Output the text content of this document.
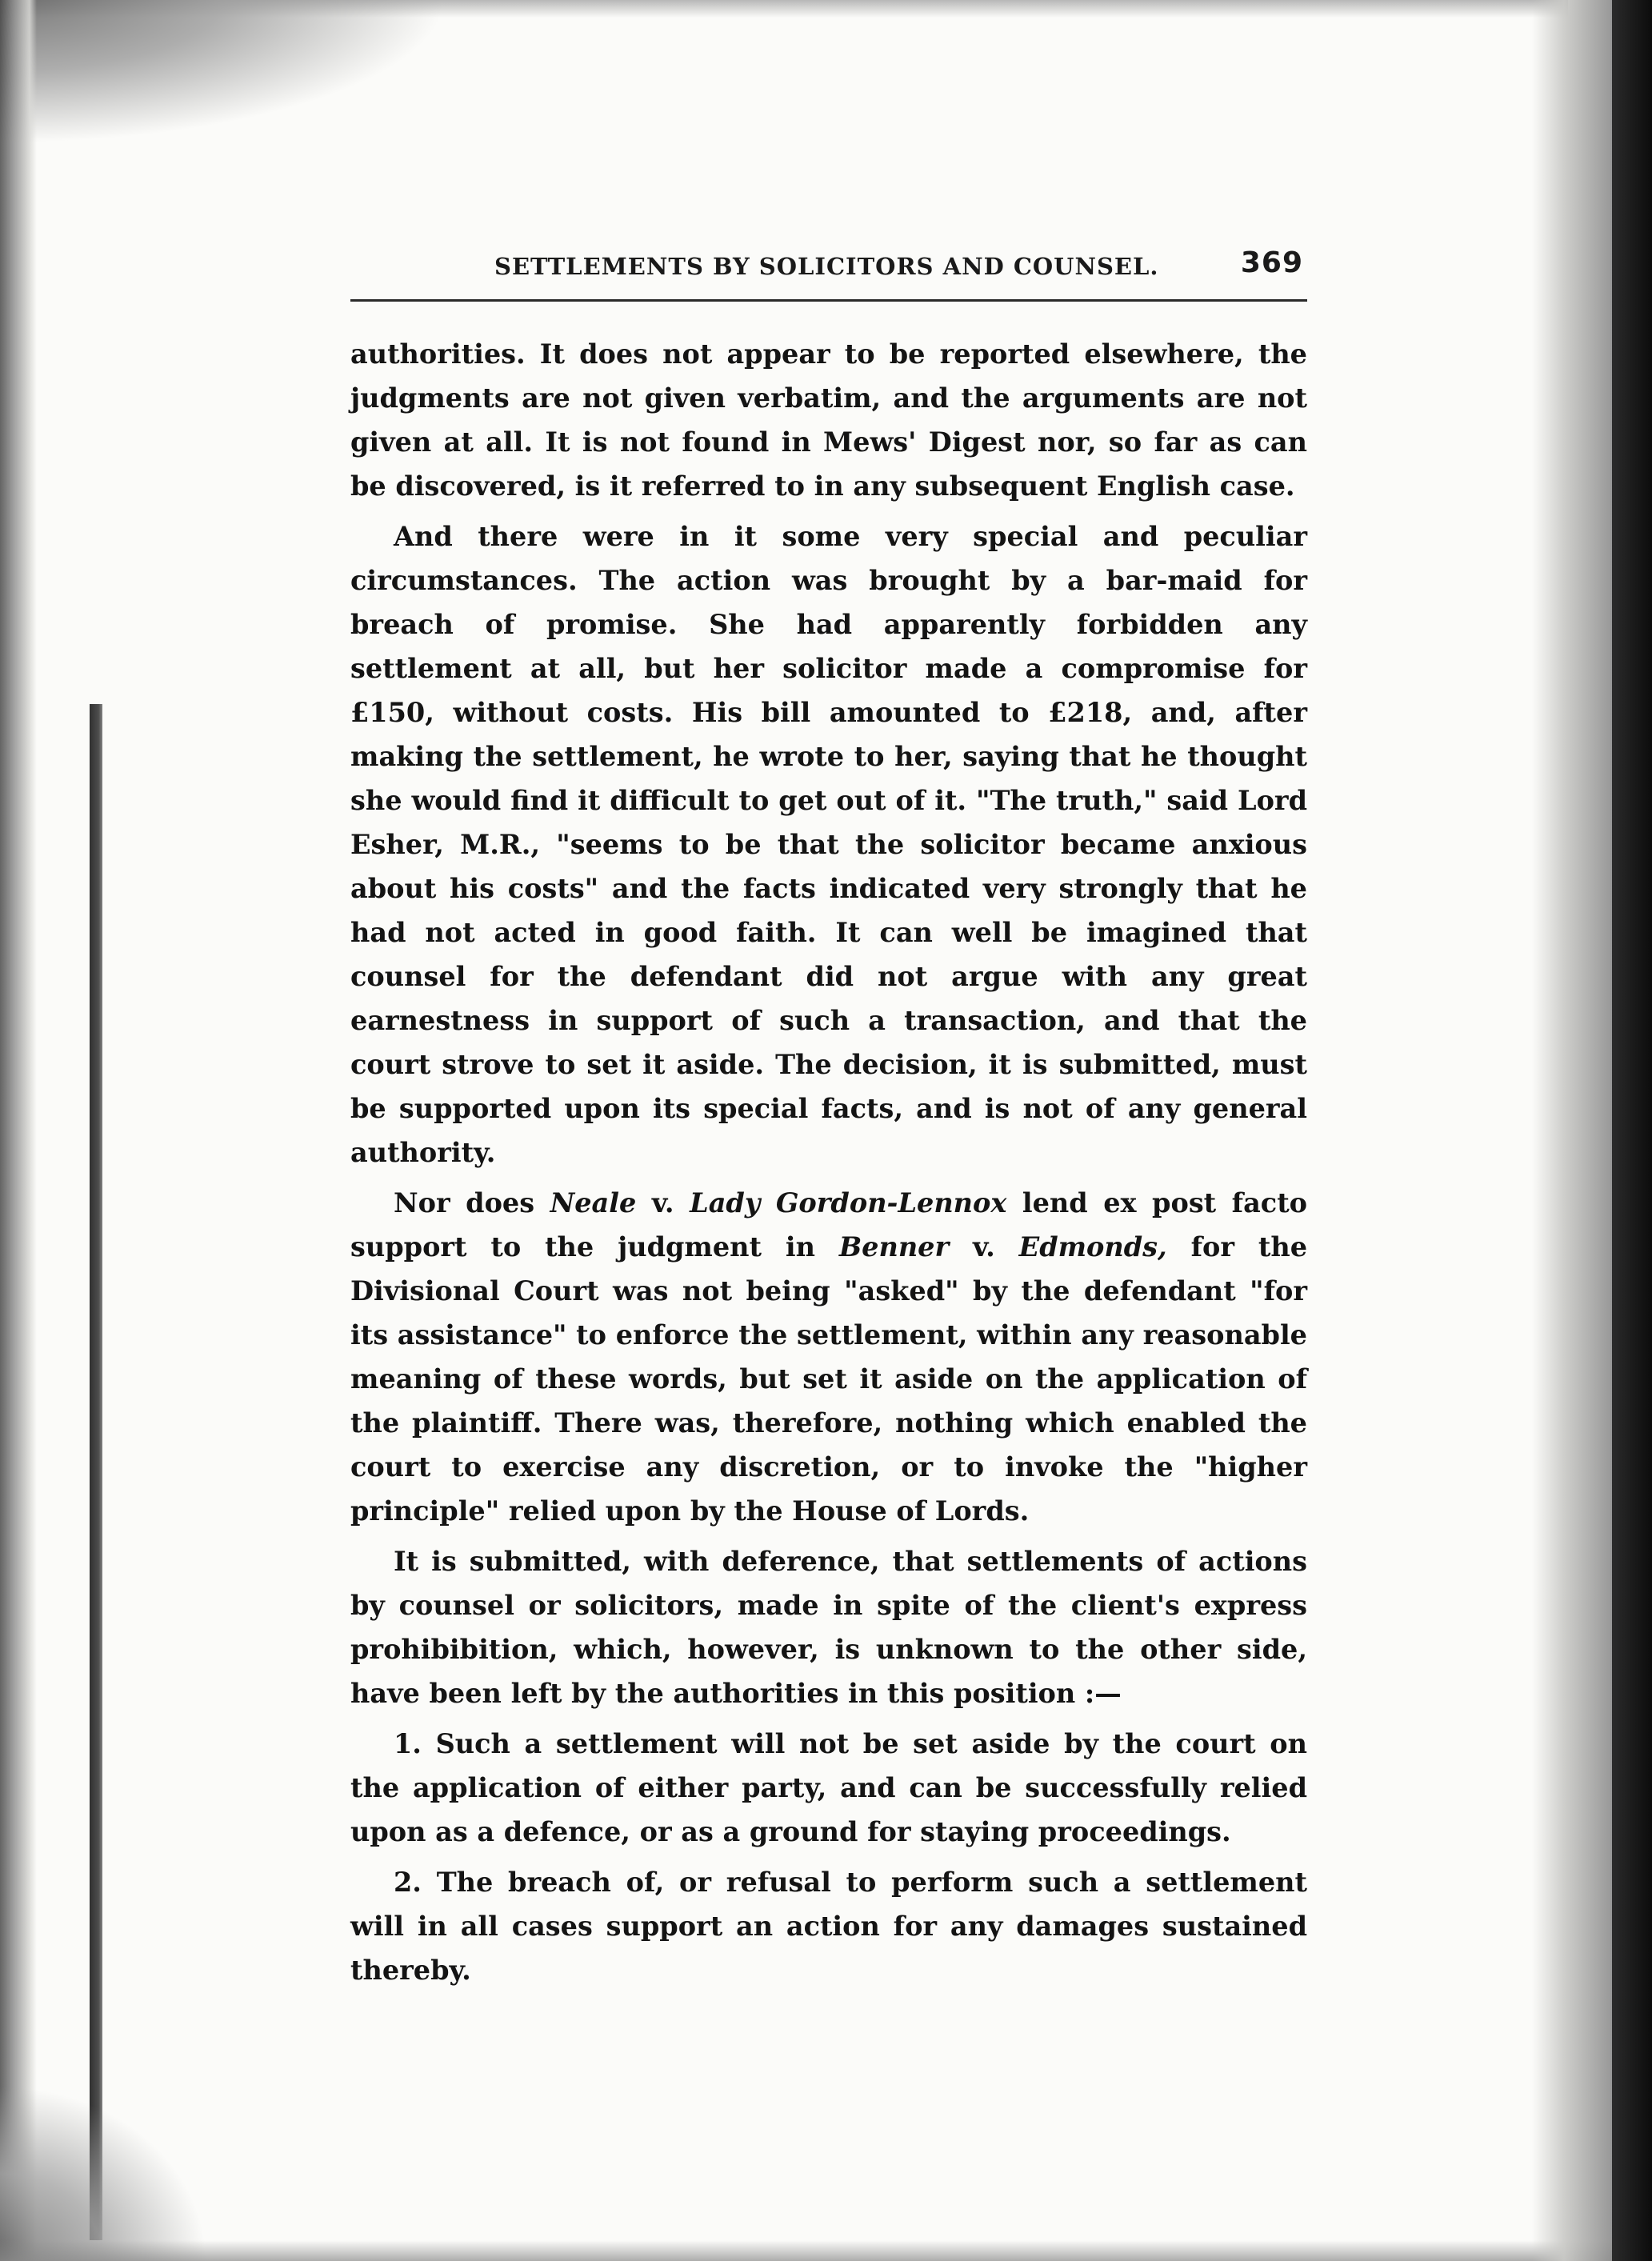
SETTLEMENTS BY SOLICITORS AND COUNSEL.	369

authorities. It does not appear to be reported elsewhere, the judgments are not given verbatim, and the arguments are not given at all. It is not found in Mews' Digest nor, so far as can be discovered, is it referred to in any subsequent English case.

And there were in it some very special and peculiar circumstances. The action was brought by a bar-maid for breach of promise. She had apparently forbidden any settlement at all, but her solicitor made a compromise for £150, without costs. His bill amounted to £218, and, after making the settlement, he wrote to her, saying that he thought she would find it difficult to get out of it. "The truth," said Lord Esher, M.R., "seems to be that the solicitor became anxious about his costs" and the facts indicated very strongly that he had not acted in good faith. It can well be imagined that counsel for the defendant did not argue with any great earnestness in support of such a transaction, and that the court strove to set it aside. The decision, it is submitted, must be supported upon its special facts, and is not of any general authority.

Nor does Neale v. Lady Gordon-Lennox lend ex post facto support to the judgment in Benner v. Edmonds, for the Divisional Court was not being "asked" by the defendant "for its assistance" to enforce the settlement, within any reasonable meaning of these words, but set it aside on the application of the plaintiff. There was, therefore, nothing which enabled the court to exercise any discretion, or to invoke the "higher principle" relied upon by the House of Lords.

It is submitted, with deference, that settlements of actions by counsel or solicitors, made in spite of the client's express prohibibition, which, however, is unknown to the other side, have been left by the authorities in this position :—

1. Such a settlement will not be set aside by the court on the application of either party, and can be successfully relied upon as a defence, or as a ground for staying proceedings.

2. The breach of, or refusal to perform such a settlement will in all cases support an action for any damages sustained thereby.
